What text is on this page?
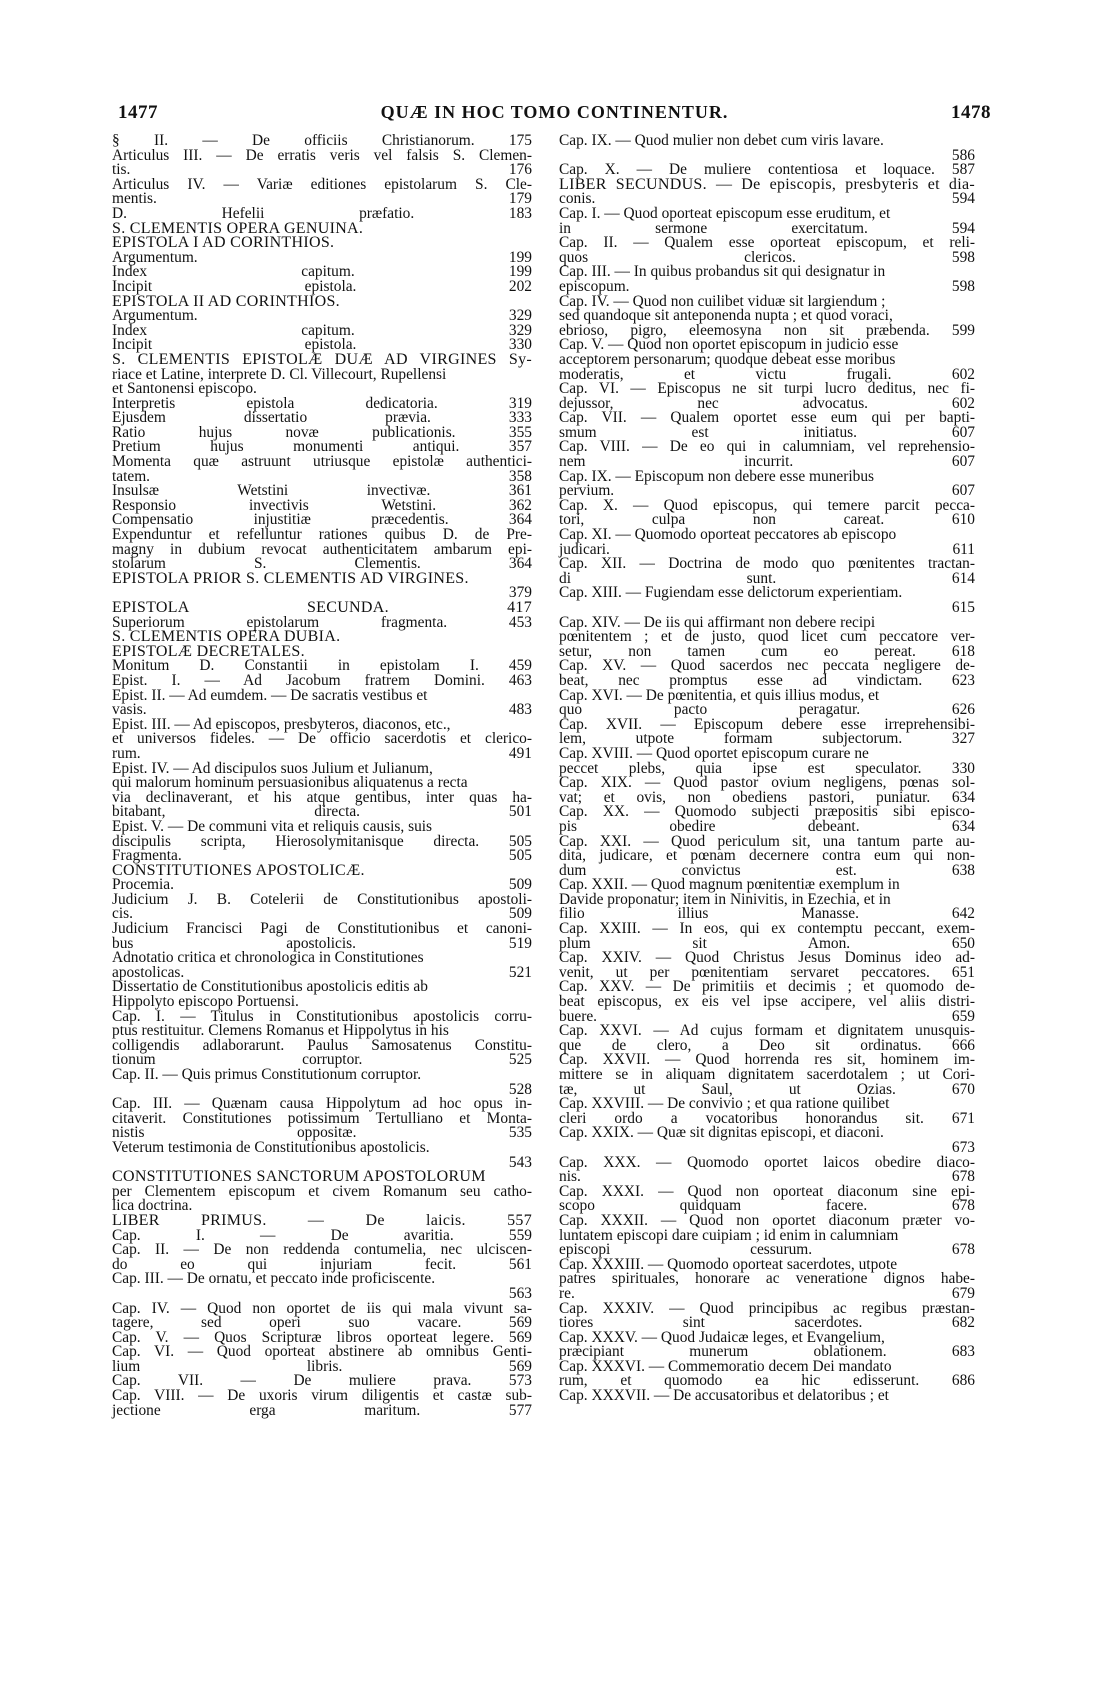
1477	QUÆ IN HOC TOMO CONTINENTUR.	1478
§ II. — De officiis Christianorum. 175
Articulus III. — De erratis veris vel falsis S. Clemen-
tis. 176
Articulus IV. — Variæ editiones epistolarum S. Cle-
mentis. 179
D. Hefelii præfatio. 183
S. CLEMENTIS OPERA GENUINA.
EPISTOLA I AD CORINTHIOS.
Argumentum. 199
Index capitum. 199
Incipit epistola. 202
EPISTOLA II AD CORINTHIOS.
Argumentum. 329
Index capitum. 329
Incipit epistola. 330
S. CLEMENTIS EPISTOLÆ DUÆ AD VIRGINES Sy-
riace et Latine, interprete D. Cl. Villecourt, Rupellensi
et Santonensi episcopo.
Interpretis epistola dedicatoria. 319
Ejusdem dissertatio prævia. 333
Ratio hujus novæ publicationis. 355
Pretium hujus monumenti antiqui. 357
Momenta quæ astruunt utriusque epistolæ authentici-
tatem. 358
Insulsæ Wetstini invectivæ. 361
Responsio invectivis Wetstini. 362
Compensatio injustitiæ præcedentis. 364
Expenduntur et refelluntur rationes quibus D. de Pre-
magny in dubium revocat authenticitatem ambarum epi-
stolarum S. Clementis. 364
EPISTOLA PRIOR S. CLEMENTIS AD VIRGINES.
379
EPISTOLA SECUNDA. 417
Superiorum epistolarum fragmenta. 453
S. CLEMENTIS OPERA DUBIA.
EPISTOLÆ DECRETALES.
Monitum D. Constantii in epistolam I. 459
Epist. I. — Ad Jacobum fratrem Domini. 463
Epist. II. — Ad eumdem. — De sacratis vestibus et
vasis. 483
Epist. III. — Ad episcopos, presbyteros, diaconos, etc.,
et universos fideles. — De officio sacerdotis et clerico-
rum. 491
Epist. IV. — Ad discipulos suos Julium et Julianum,
qui malorum hominum persuasionibus aliquatenus a recta
via declinaverant, et his atque gentibus, inter quas ha-
bitabant, directa. 501
Epist. V. — De communi vita et reliquis causis, suis
discipulis scripta, Hierosolymitanisque directa. 505
Fragmenta. 505
CONSTITUTIONES APOSTOLICÆ.
Procemia. 509
Judicium J. B. Cotelerii de Constitutionibus apostoli-
cis. 509
Judicium Francisci Pagi de Constitutionibus et canoni-
bus apostolicis. 519
Adnotatio critica et chronologica in Constitutiones
apostolicas. 521
Dissertatio de Constitutionibus apostolicis editis ab
Hippolyto episcopo Portuensi.
Cap. I. — Titulus in Constitutionibus apostolicis corru-
ptus restituitur. Clemens Romanus et Hippolytus in his
colligendis adlaborarunt. Paulus Samosatenus Constitu-
tionum corruptor. 525
Cap. II. — Quis primus Constitutionum corruptor.
528
Cap. III. — Quænam causa Hippolytum ad hoc opus in-
citaverit. Constitutiones potissimum Tertulliano et Monta-
nistis oppositæ. 535
Veterum testimonia de Constitutionibus apostolicis.
543
CONSTITUTIONES SANCTORUM APOSTOLORUM
per Clementem episcopum et civem Romanum seu catho-
lica doctrina.
LIBER PRIMUS. — De laicis. 557
Cap. I. — De avaritia. 559
Cap. II. — De non reddenda contumelia, nec ulciscen-
do eo qui injuriam fecit. 561
Cap. III. — De ornatu, et peccato inde proficiscente.
563
Cap. IV. — Quod non oportet de iis qui mala vivunt sa-
tagere, sed operi suo vacare. 569
Cap. V. — Quos Scripturæ libros oporteat legere. 569
Cap. VI. — Quod oporteat abstinere ab omnibus Genti-
lium libris. 569
Cap. VII. — De muliere prava. 573
Cap. VIII. — De uxoris virum diligentis et castæ sub-
jectione erga maritum. 577
Cap. IX. — Quod mulier non debet cum viris lavare.
586
Cap. X. — De muliere contentiosa et loquace. 587
LIBER SECUNDUS. — De episcopis, presbyteris et dia-
conis. 594
Cap. I. — Quod oporteat episcopum esse eruditum, et
in sermone exercitatum. 594
Cap. II. — Qualem esse oporteat episcopum, et reli-
quos clericos. 598
Cap. III. — In quibus probandus sit qui designatur in
episcopum. 598
Cap. IV. — Quod non cuilibet viduæ sit largiendum ;
sed quandoque sit anteponenda nupta ; et quod voraci,
ebrioso, pigro, eleemosyna non sit præbenda. 599
Cap. V. — Quod non oportet episcopum in judicio esse
acceptorem personarum; quodque debeat esse moribus
moderatis, et victu frugali. 602
Cap. VI. — Episcopus ne sit turpi lucro deditus, nec fi-
dejussor, nec advocatus. 602
Cap. VII. — Qualem oportet esse eum qui per bapti-
smum est initiatus. 607
Cap. VIII. — De eo qui in calumniam, vel reprehensio-
nem incurrit. 607
Cap. IX. — Episcopum non debere esse muneribus
pervium. 607
Cap. X. — Quod episcopus, qui temere parcit pecca-
tori, culpa non careat. 610
Cap. XI. — Quomodo oporteat peccatores ab episcopo
judicari. 611
Cap. XII. — Doctrina de modo quo pœnitentes tractan-
di sunt. 614
Cap. XIII. — Fugiendam esse delictorum experientiam.
615
Cap. XIV. — De iis qui affirmant non debere recipi
pœnitentem ; et de justo, quod licet cum peccatore ver-
setur, non tamen cum eo pereat. 618
Cap. XV. — Quod sacerdos nec peccata negligere de-
beat, nec promptus esse ad vindictam. 623
Cap. XVI. — De pœnitentia, et quis illius modus, et
quo pacto peragatur. 626
Cap. XVII. — Episcopum debere esse irreprehensibi-
lem, utpote formam subjectorum. 327
Cap. XVIII. — Quod oportet episcopum curare ne
peccet plebs, quia ipse est speculator. 330
Cap. XIX. — Quod pastor ovium negligens, pœnas sol-
vat; et ovis, non obediens pastori, puniatur. 634
Cap. XX. — Quomodo subjecti præpositis sibi episco-
pis obedire debeant. 634
Cap. XXI. — Quod periculum sit, una tantum parte au-
dita, judicare, et pœnam decernere contra eum qui non-
dum convictus est. 638
Cap. XXII. — Quod magnum pœnitentiæ exemplum in
Davide proponatur; item in Ninivitis, in Ezechia, et in
filio illius Manasse. 642
Cap. XXIII. — In eos, qui ex contemptu peccant, exem-
plum sit Amon. 650
Cap. XXIV. — Quod Christus Jesus Dominus ideo ad-
venit, ut per pœnitentiam servaret peccatores. 651
Cap. XXV. — De primitiis et decimis ; et quomodo de-
beat episcopus, ex eis vel ipse accipere, vel aliis distri-
buere. 659
Cap. XXVI. — Ad cujus formam et dignitatem unusquis-
que de clero, a Deo sit ordinatus. 666
Cap. XXVII. — Quod horrenda res sit, hominem im-
mittere se in aliquam dignitatem sacerdotalem ; ut Cori-
tæ, ut Saul, ut Ozias. 670
Cap. XXVIII. — De convivio ; et qua ratione quilibet
cleri ordo a vocatoribus honorandus sit. 671
Cap. XXIX. — Quæ sit dignitas episcopi, et diaconi.
673
Cap. XXX. — Quomodo oportet laicos obedire diaco-
nis. 678
Cap. XXXI. — Quod non oporteat diaconum sine epi-
scopo quidquam facere. 678
Cap. XXXII. — Quod non oportet diaconum præter vo-
luntatem episcopi dare cuipiam ; id enim in calumniam
episcopi cessurum. 678
Cap. XXXIII. — Quomodo oporteat sacerdotes, utpote
patres spirituales, honorare ac veneratione dignos habe-
re. 679
Cap. XXXIV. — Quod principibus ac regibus præstan-
tiores sint sacerdotes. 682
Cap. XXXV. — Quod Judaicæ leges, et Evangelium,
præcipiant munerum oblationem. 683
Cap. XXXVI. — Commemoratio decem Dei mandato
rum, et quomodo ea hic edisserunt. 686
Cap. XXXVII. — De accusatoribus et delatoribus ; et
